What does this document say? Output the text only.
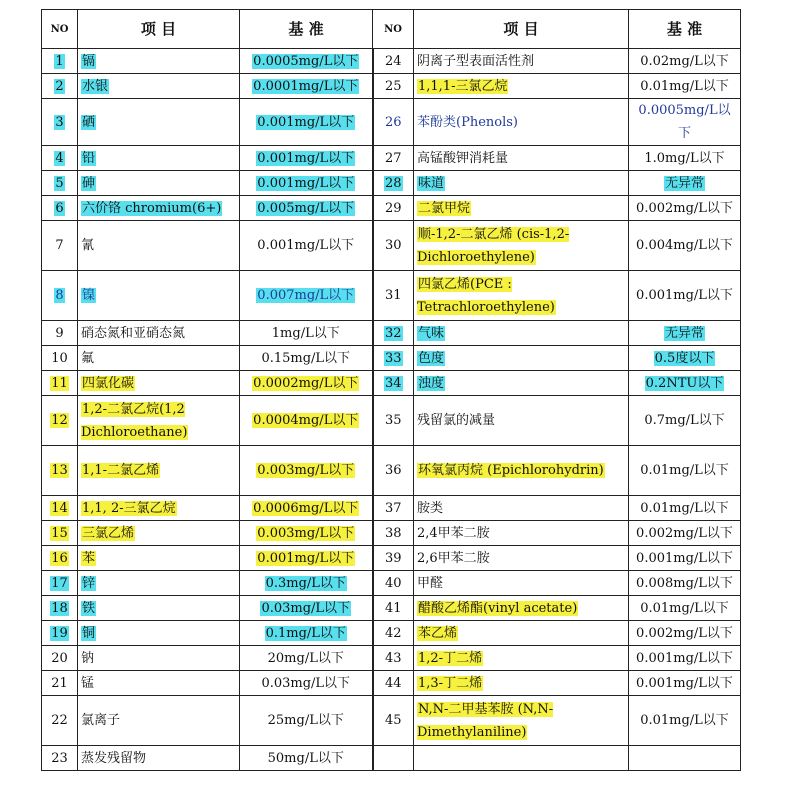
NO	项 目	基 准	NO	项 目	基 准
1	镉	0.0005mg/L以下	24	阴离子型表面活性剂	0.02mg/L以下
2	水银	0.0001mg/L以下	25	1,1,1-三氯乙烷	0.01mg/L以下
3	硒	0.001mg/L以下	26	苯酚类(Phenols)	0.0005mg/L以下
4	铅	0.001mg/L以下	27	高锰酸钾消耗量	1.0mg/L以下
5	砷	0.001mg/L以下	28	味道	无异常
6	六价铬 chromium(6+)	0.005mg/L以下	29	二氯甲烷	0.002mg/L以下
7	氰	0.001mg/L以下	30	顺-1,2-二氯乙烯 (cis-1,2-Dichloroethylene)	0.004mg/L以下
8	镍	0.007mg/L以下	31	四氯乙烯(PCE : Tetrachloroethylene)	0.001mg/L以下
9	硝态氮和亚硝态氮	1mg/L以下	32	气味	无异常
10	氟	0.15mg/L以下	33	色度	0.5度以下
11	四氯化碳	0.0002mg/L以下	34	浊度	0.2NTU以下
12	1,2-二氯乙烷(1,2 Dichloroethane)	0.0004mg/L以下	35	残留氯的减量	0.7mg/L以下
13	1,1-二氯乙烯	0.003mg/L以下	36	环氧氯丙烷 (Epichlorohydrin)	0.01mg/L以下
14	1,1, 2-三氯乙烷	0.0006mg/L以下	37	胺类	0.01mg/L以下
15	三氯乙烯	0.003mg/L以下	38	2,4甲苯二胺	0.002mg/L以下
16	苯	0.001mg/L以下	39	2,6甲苯二胺	0.001mg/L以下
17	锌	0.3mg/L以下	40	甲醛	0.008mg/L以下
18	铁	0.03mg/L以下	41	醋酸乙烯酯(vinyl acetate)	0.01mg/L以下
19	铜	0.1mg/L以下	42	苯乙烯	0.002mg/L以下
20	钠	20mg/L以下	43	1,2-丁二烯	0.001mg/L以下
21	锰	0.03mg/L以下	44	1,3-丁二烯	0.001mg/L以下
22	氯离子	25mg/L以下	45	N,N-二甲基苯胺 (N,N-Dimethylaniline)	0.01mg/L以下
23	蒸发残留物	50mg/L以下			
